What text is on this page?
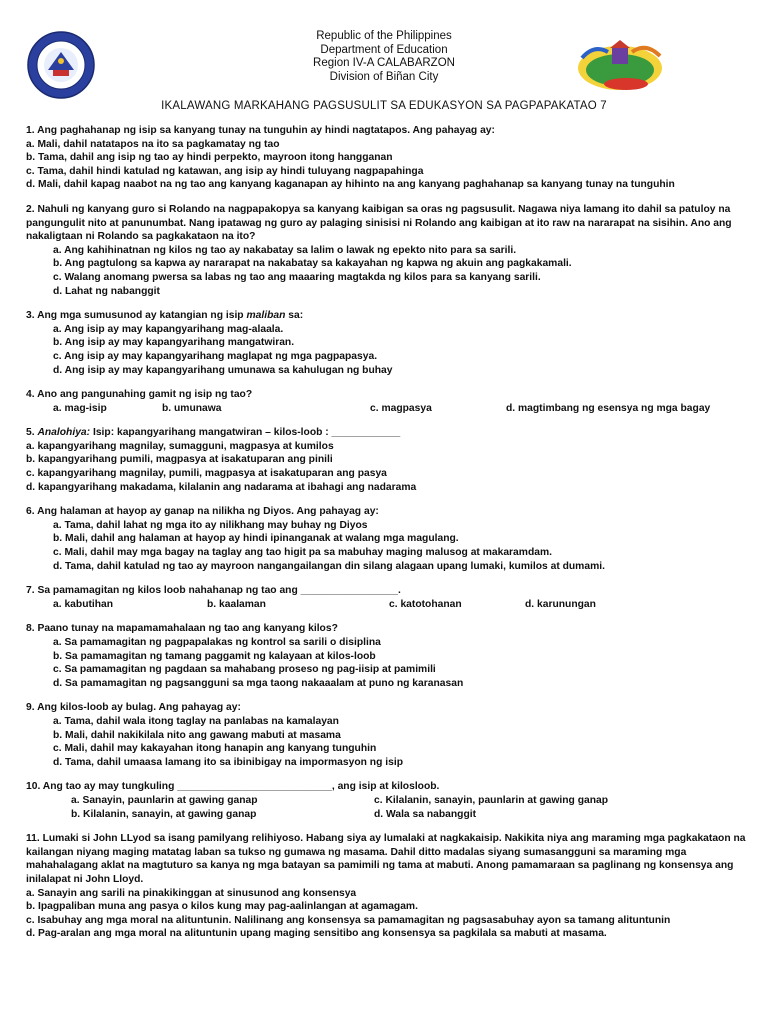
Republic of the Philippines
Department of Education
Region IV-A CALABARZON
Division of Biñan City
IKALAWANG MARKAHANG PAGSUSULIT SA EDUKASYON SA PAGPAPAKATAO 7
1. Ang paghahanap ng isip sa kanyang tunay na tunguhin ay hindi nagtatapos. Ang pahayag ay:
a. Mali, dahil natatapos na ito sa pagkamatay ng tao
b. Tama, dahil ang isip ng tao ay hindi perpekto, mayroon itong hangganan
c. Tama, dahil hindi katulad ng katawan, ang isip ay hindi tuluyang nagpapahinga
d. Mali, dahil kapag naabot na ng tao ang kanyang kaganapan ay hihinto na ang kanyang paghahanap sa kanyang tunay na tunguhin
2. Nahuli ng kanyang guro si Rolando na nagpapakopya sa kanyang kaibigan sa oras ng pagsusulit. Nagawa niya lamang ito dahil sa patuloy na pangungulit nito at panunumbat. Nang ipatawag ng guro ay palaging sinisisi ni Rolando ang kaibigan at ito raw na nararapat na sisihin. Ano ang nakaligtaan ni Rolando sa pagkakataon na ito?
a. Ang kahihinatnan ng kilos ng tao ay nakabatay sa lalim o lawak ng epekto nito para sa sarili.
b. Ang pagtulong sa kapwa ay nararapat na nakabatay sa kakayahan ng kapwa ng akuin ang pagkakamali.
c. Walang anomang pwersa sa labas ng tao ang maaaring magtakda ng kilos para sa kanyang sarili.
d. Lahat ng nabanggit
3. Ang mga sumusunod ay katangian ng isip maliban sa:
a. Ang isip ay may kapangyarihang mag-alaala.
b. Ang isip ay may kapangyarihang mangatwiran.
c. Ang isip ay may kapangyarihang maglapat ng mga pagpapasya.
d. Ang isip ay may kapangyarihang umunawa sa kahulugan ng buhay
4. Ano ang pangunahing gamit ng isip ng tao?
a. mag-isip	b. umunawa	c. magpasya	d. magtimbang ng esensya ng mga bagay
5. Analohiya: Isip: kapangyarihang mangatwiran – kilos-loob : ____________
a. kapangyarihang magnilay, sumagguni, magpasya at kumilos
b. kapangyarihang pumili, magpasya at isakatuparan ang pinili
c. kapangyarihang magnilay, pumili, magpasya at isakatuparan ang pasya
d. kapangyarihang makadama, kilalanin ang nadarama at ibahagi ang nadarama
6. Ang halaman at hayop ay ganap na nilikha ng Diyos. Ang pahayag ay:
a. Tama, dahil lahat ng mga ito ay nilikhang may buhay ng Diyos
b. Mali, dahil ang halaman at hayop ay hindi ipinanganak at walang mga magulang.
c. Mali, dahil may mga bagay na taglay ang tao higit pa sa mabuhay maging malusog at makaramdam.
d. Tama, dahil katulad ng tao ay mayroon nangangailangan din silang alagaan upang lumaki, kumilos at dumami.
7. Sa pamamagitan ng kilos loob nahahanap ng tao ang _________________.
a. kabutihan	b. kaalaman	c. katotohanan	d. karunungan
8. Paano tunay na mapamamahalaan ng tao ang kanyang kilos?
a. Sa pamamagitan ng pagpapalakas ng kontrol sa sarili o disiplina
b. Sa pamamagitan ng tamang paggamit ng kalayaan at kilos-loob
c. Sa pamamagitan ng pagdaan sa mahabang proseso ng pag-iisip at pamimili
d. Sa pamamagitan ng pagsangguni sa mga taong nakaaalam at puno ng karanasan
9. Ang kilos-loob ay bulag. Ang pahayag ay:
a. Tama, dahil wala itong taglay na panlabas na kamalayan
b. Mali, dahil nakikilala nito ang gawang mabuti at masama
c. Mali, dahil may kakayahan itong hanapin ang kanyang tunguhin
d. Tama, dahil umaasa lamang ito sa ibinibigay na impormasyon ng isip
10. Ang tao ay may tungkuling ___________________________, ang isip at kilosloob.
a. Sanayin, paunlarin at gawing ganap	c. Kilalanin, sanayin, paunlarin at gawing ganap
b. Kilalanin, sanayin, at gawing ganap	d. Wala sa nabanggit
11. Lumaki si John LLyod sa isang pamilyang relihiyoso. Habang siya ay lumalaki at nagkakaisip. Nakikita niya ang maraming mga pagkakataon na kailangan niyang maging matatag laban sa tukso ng gumawa ng masama. Dahil ditto madalas siyang sumasangguni sa maraming mga mahahalagang aklat na magtuturo sa kanya ng mga batayan sa pamimili ng tama at mabuti. Anong pamamaraan sa paglinang ng konsensya ang inilalapat ni John Lloyd.
a. Sanayin ang sarili na pinakikinggan at sinusunod ang konsensya
b. Ipagpaliban muna ang pasya o kilos kung may pag-aalinlangan at agamagam.
c. Isabuhay ang mga moral na alituntunin. Nalilinang ang konsensya sa pamamagitan ng pagsasabuhay ayon sa tamang alituntunin
d. Pag-aralan ang mga moral na alituntunin upang maging sensitibo ang konsensya sa pagkilala sa mabuti at masama.
